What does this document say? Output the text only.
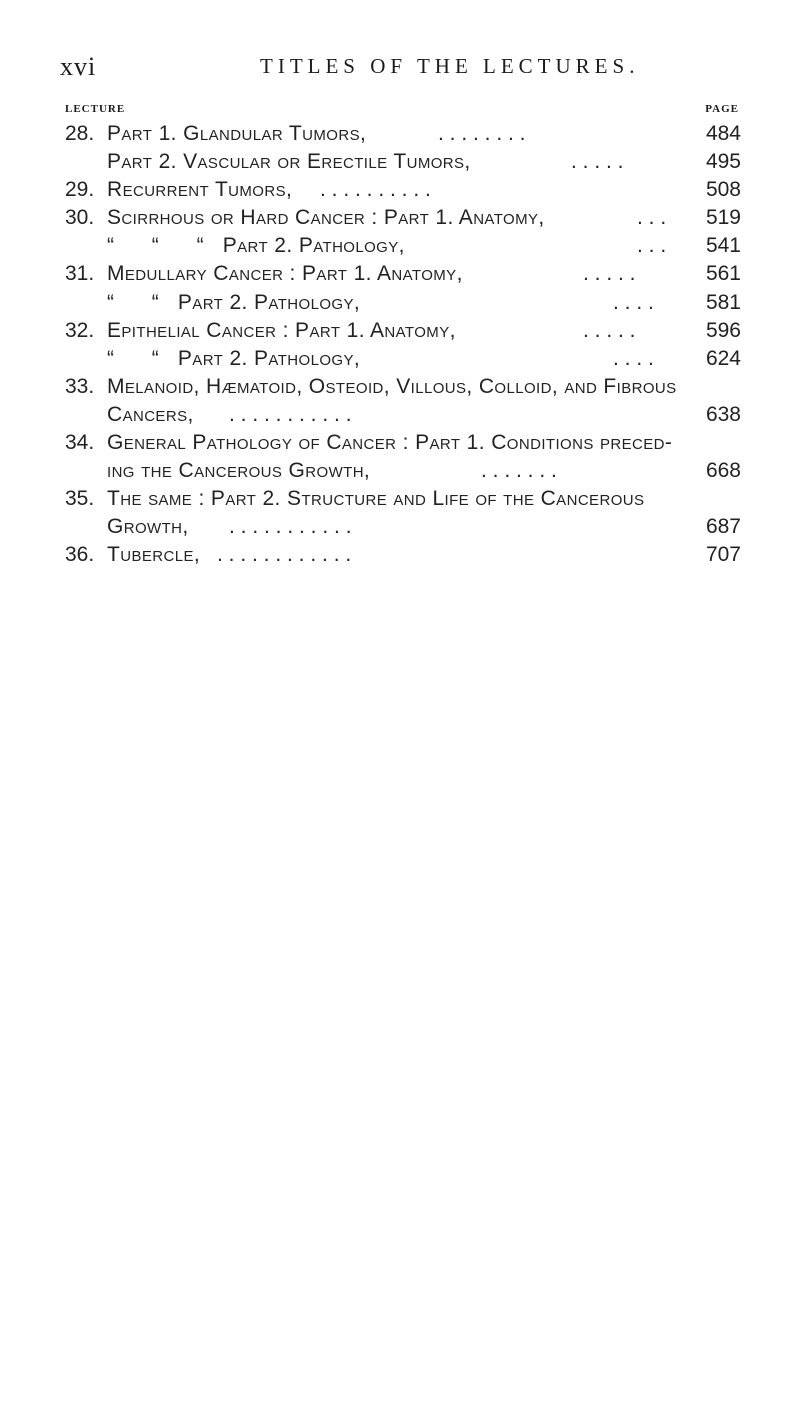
xvi	TITLES OF THE LECTURES.
LECTURE	PAGE
28. Part 1. Glandular Tumors,	. . . . . . . .	484
Part 2. Vascular or Erectile Tumors,	. . . . .	495
29. Recurrent Tumors, . . . . . . . . . .	508
30. Scirrhous or Hard Cancer : Part 1. Anatomy,	. . . 519
“      “      “   Part 2. Pathology,	. . . 541
31. Medullary Cancer : Part 1. Anatomy,	. . . . .	561
“      “   Part 2. Pathology,	. . . . 581
32. Epithelial Cancer : Part 1. Anatomy,	. . . . .	596
“      “   Part 2. Pathology,	. . . . 624
33. Melanoid, Hæmatoid, Osteoid, Villous, Colloid, and Fibrous
Cancers, . . . . . . . . . . .	638
34. General Pathology of Cancer : Part 1. Conditions preced-
ing the Cancerous Growth,	. . . . . . .	668
35. The same : Part 2. Structure and Life of the Cancerous
Growth, . . . . . . . . . . .	687
36. Tubercle, . . . . . . . . . . . .	707
